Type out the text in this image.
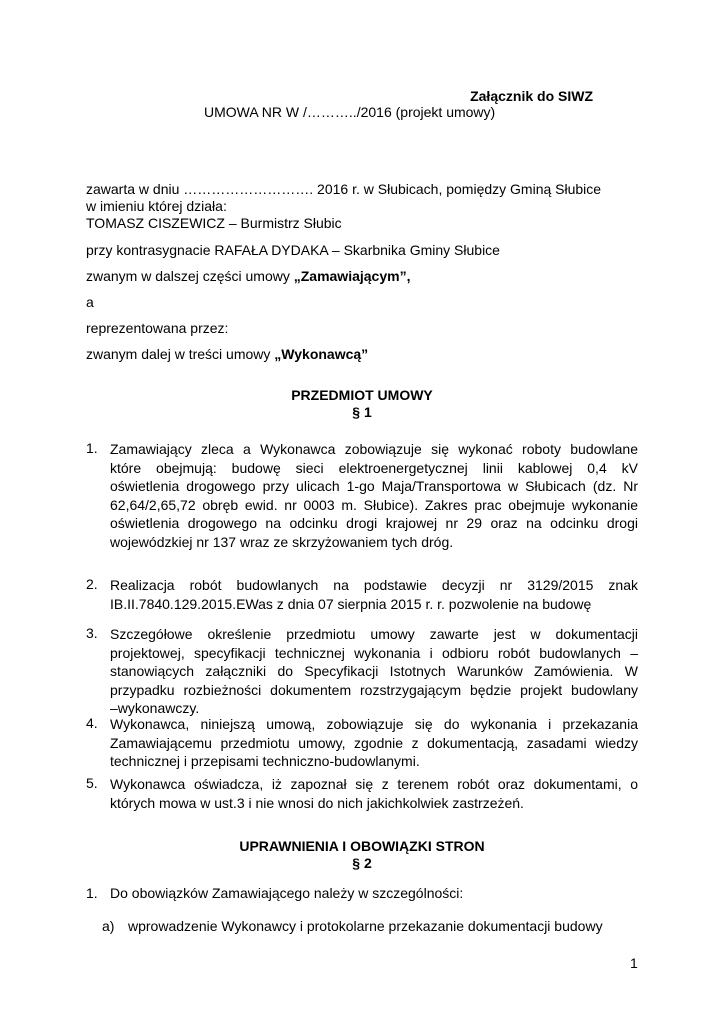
Załącznik do SIWZ
UMOWA NR W /………../2016 (projekt umowy)
zawarta w dniu ………………………. 2016 r. w Słubicach, pomiędzy Gminą Słubice
w imieniu której działa:
TOMASZ CISZEWICZ – Burmistrz Słubic
przy kontrasygnacie RAFAŁA DYDAKA – Skarbnika Gminy Słubice
zwanym w dalszej części umowy „Zamawiającym”,
a
reprezentowana przez:
zwanym dalej w treści umowy „Wykonawcą”
PRZEDMIOT UMOWY
§ 1
1. Zamawiający zleca a Wykonawca zobowiązuje się wykonać roboty budowlane
które obejmują: budowę sieci elektroenergetycznej linii kablowej 0,4 kV
oświetlenia drogowego przy ulicach 1-go Maja/Transportowa w Słubicach (dz. Nr
62,64/2,65,72 obręb ewid. nr 0003 m. Słubice). Zakres prac obejmuje wykonanie
oświetlenia drogowego na odcinku drogi krajowej nr 29 oraz na odcinku drogi
wojewódzkiej nr 137 wraz ze skrzyżowaniem tych dróg.
2. Realizacja robót budowlanych na podstawie decyzji nr 3129/2015 znak
IB.II.7840.129.2015.EWas z dnia 07 sierpnia 2015 r. r. pozwolenie na budowę
3. Szczegółowe określenie przedmiotu umowy zawarte jest w dokumentacji
projektowej, specyfikacji technicznej wykonania i odbioru robót budowlanych –
stanowiących załączniki do Specyfikacji Istotnych Warunków Zamówienia. W
przypadku rozbieżności dokumentem rozstrzygającym będzie projekt budowlany
–wykonawczy.
4. Wykonawca, niniejszą umową, zobowiązuje się do wykonania i przekazania
Zamawiającemu przedmiotu umowy, zgodnie z dokumentacją, zasadami wiedzy
technicznej i przepisami techniczno-budowlanymi.
5. Wykonawca oświadcza, iż zapoznał się z terenem robót oraz dokumentami, o
których mowa w ust.3 i nie wnosi do nich jakichkolwiek zastrzeżeń.
UPRAWNIENIA I OBOWIĄZKI STRON
§ 2
1. Do obowiązków Zamawiającego należy w szczególności:
a) wprowadzenie Wykonawcy i protokolarne przekazanie dokumentacji budowy
1
